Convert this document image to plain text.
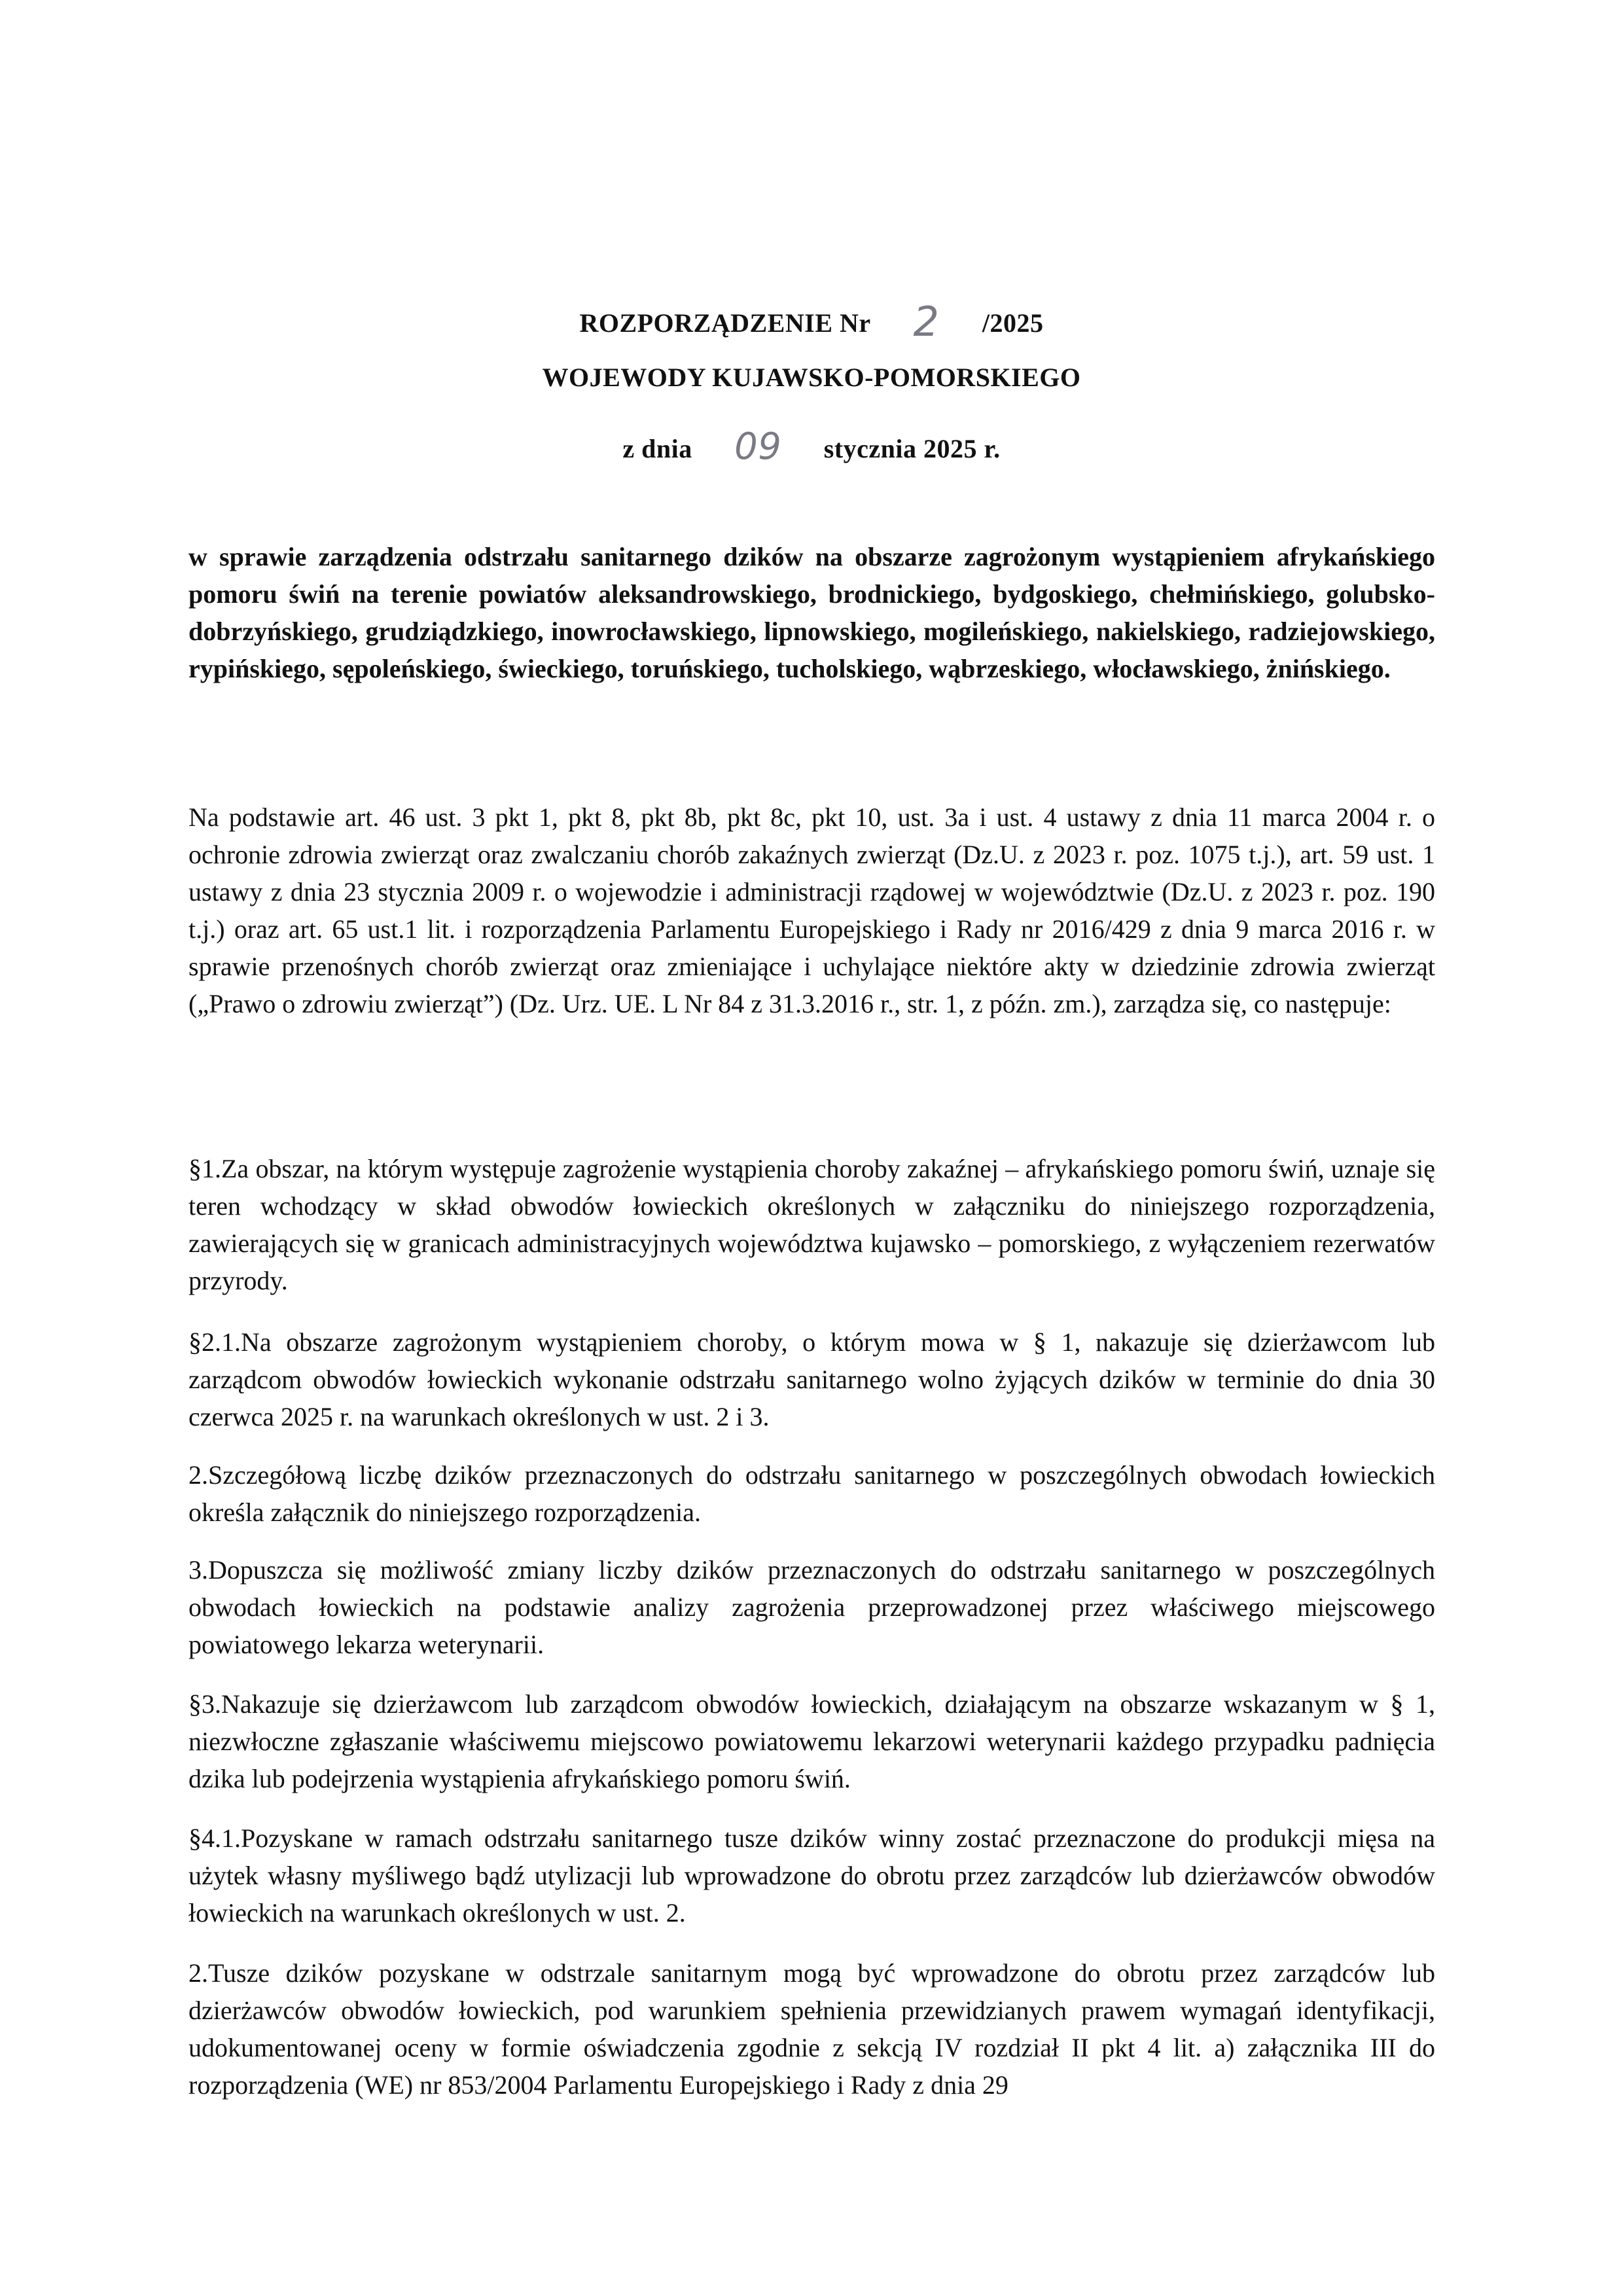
ROZPORZĄDZENIE Nr 2 /2025
WOJEWODY KUJAWSKO-POMORSKIEGO
z dnia 09 stycznia 2025 r.
w sprawie zarządzenia odstrzału sanitarnego dzików na obszarze zagrożonym wystąpieniem afrykańskiego pomoru świń na terenie powiatów aleksandrowskiego, brodnickiego, bydgoskiego, chełmińskiego, golubsko-dobrzyńskiego, grudziądzkiego, inowrocławskiego, lipnowskiego, mogileńskiego, nakielskiego, radziejowskiego, rypińskiego, sępoleńskiego, świeckiego, toruńskiego, tucholskiego, wąbrzeskiego, włocławskiego, żnińskiego.
Na podstawie art. 46 ust. 3 pkt 1, pkt 8, pkt 8b, pkt 8c, pkt 10, ust. 3a i ust. 4 ustawy z dnia 11 marca 2004 r. o ochronie zdrowia zwierząt oraz zwalczaniu chorób zakaźnych zwierząt (Dz.U. z 2023 r. poz. 1075 t.j.), art. 59 ust. 1 ustawy z dnia 23 stycznia 2009 r. o wojewodzie i administracji rządowej w województwie (Dz.U. z 2023 r. poz. 190 t.j.) oraz art. 65 ust.1 lit. i rozporządzenia Parlamentu Europejskiego i Rady nr 2016/429 z dnia 9 marca 2016 r. w sprawie przenośnych chorób zwierząt oraz zmieniające i uchylające niektóre akty w dziedzinie zdrowia zwierząt („Prawo o zdrowiu zwierząt”) (Dz. Urz. UE. L Nr 84 z 31.3.2016 r., str. 1, z późn. zm.), zarządza się, co następuje:
§1.Za obszar, na którym występuje zagrożenie wystąpienia choroby zakaźnej – afrykańskiego pomoru świń, uznaje się teren wchodzący w skład obwodów łowieckich określonych w załączniku do niniejszego rozporządzenia, zawierających się w granicach administracyjnych województwa kujawsko – pomorskiego, z wyłączeniem rezerwatów przyrody.
§2.1.Na obszarze zagrożonym wystąpieniem choroby, o którym mowa w § 1, nakazuje się dzierżawcom lub zarządcom obwodów łowieckich wykonanie odstrzału sanitarnego wolno żyjących dzików w terminie do dnia 30 czerwca 2025 r. na warunkach określonych w ust. 2 i 3.
2.Szczegółową liczbę dzików przeznaczonych do odstrzału sanitarnego w poszczególnych obwodach łowieckich określa załącznik do niniejszego rozporządzenia.
3.Dopuszcza się możliwość zmiany liczby dzików przeznaczonych do odstrzału sanitarnego w poszczególnych obwodach łowieckich na podstawie analizy zagrożenia przeprowadzonej przez właściwego miejscowego powiatowego lekarza weterynarii.
§3.Nakazuje się dzierżawcom lub zarządcom obwodów łowieckich, działającym na obszarze wskazanym w § 1, niezwłoczne zgłaszanie właściwemu miejscowo powiatowemu lekarzowi weterynarii każdego przypadku padnięcia dzika lub podejrzenia wystąpienia afrykańskiego pomoru świń.
§4.1.Pozyskane w ramach odstrzału sanitarnego tusze dzików winny zostać przeznaczone do produkcji mięsa na użytek własny myśliwego bądź utylizacji lub wprowadzone do obrotu przez zarządców lub dzierżawców obwodów łowieckich na warunkach określonych w ust. 2.
2.Tusze dzików pozyskane w odstrzale sanitarnym mogą być wprowadzone do obrotu przez zarządców lub dzierżawców obwodów łowieckich, pod warunkiem spełnienia przewidzianych prawem wymagań identyfikacji, udokumentowanej oceny w formie oświadczenia zgodnie z sekcją IV rozdział II pkt 4 lit. a) załącznika III do rozporządzenia (WE) nr 853/2004 Parlamentu Europejskiego i Rady z dnia 29
